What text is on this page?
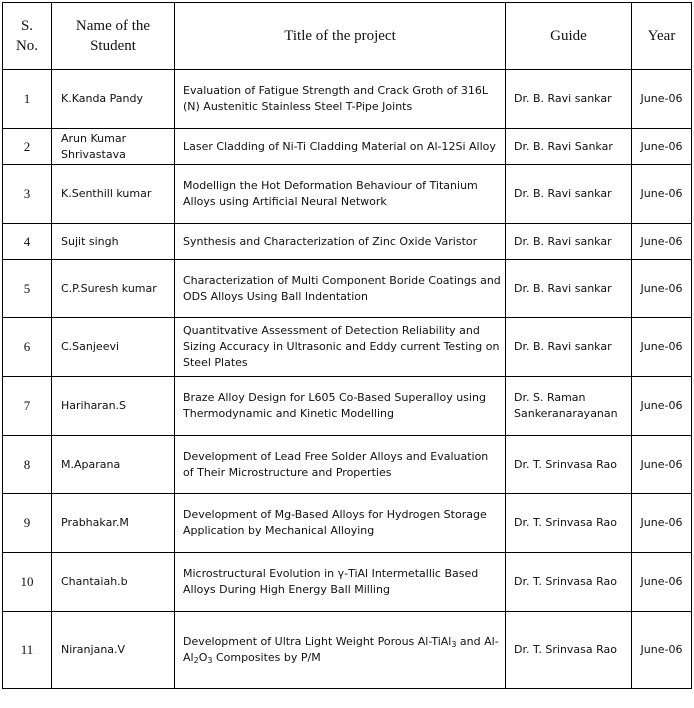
S. No.	Name of the Student	Title of the project	Guide	Year
1	K.Kanda Pandy	Evaluation of Fatigue Strength and Crack Groth of 316L (N) Austenitic Stainless Steel T-Pipe Joints	Dr. B. Ravi sankar	June-06
2	Arun Kumar Shrivastava	Laser Cladding of Ni-Ti Cladding Material on Al-12Si Alloy	Dr. B. Ravi Sankar	June-06
3	K.Senthill kumar	Modellign the Hot Deformation Behaviour of Titanium Alloys using Artificial Neural Network	Dr. B. Ravi sankar	June-06
4	Sujit singh	Synthesis and Characterization of Zinc Oxide Varistor	Dr. B. Ravi sankar	June-06
5	C.P.Suresh kumar	Characterization of Multi Component Boride Coatings and ODS Alloys Using Ball Indentation	Dr. B. Ravi sankar	June-06
6	C.Sanjeevi	Quantitvative Assessment of Detection Reliability and Sizing Accuracy in Ultrasonic and Eddy current Testing on Steel Plates	Dr. B. Ravi sankar	June-06
7	Hariharan.S	Braze Alloy Design for L605 Co-Based Superalloy using Thermodynamic and Kinetic Modelling	Dr. S. Raman Sankeranarayanan	June-06
8	M.Aparana	Development of Lead Free Solder Alloys and Evaluation of Their Microstructure and Properties	Dr. T. Srinvasa Rao	June-06
9	Prabhakar.M	Development of Mg-Based Alloys for Hydrogen Storage Application by Mechanical Alloying	Dr. T. Srinvasa Rao	June-06
10	Chantaiah.b	Microstructural Evolution in γ-TiAl Intermetallic Based Alloys During High Energy Ball Milling	Dr. T. Srinvasa Rao	June-06
11	Niranjana.V	Development of Ultra Light Weight Porous Al-TiAl$_3$ and $Al-Al_2O_3$ Composites by P/M	Dr. T. Srinvasa Rao	June-06
